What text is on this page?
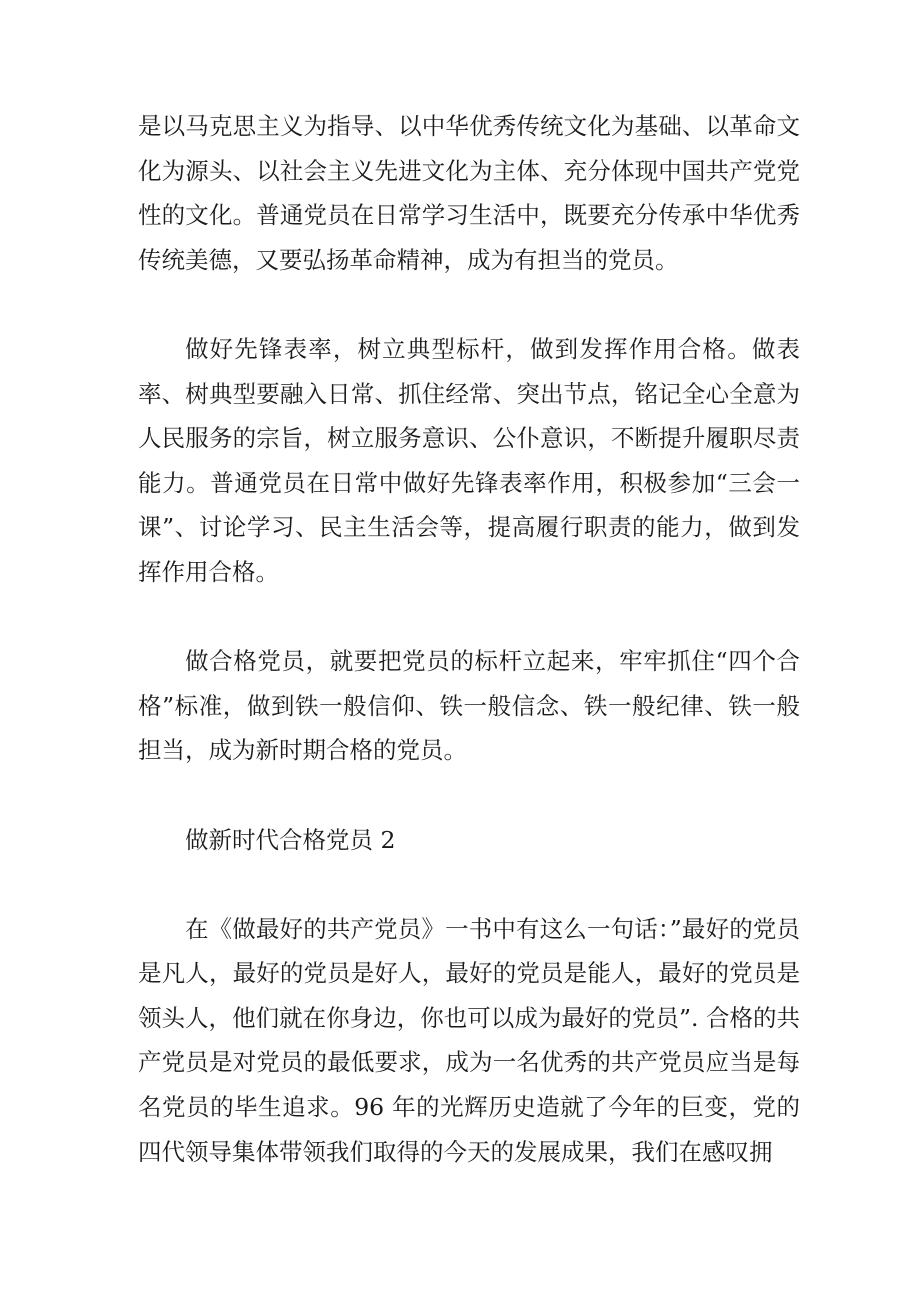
是以马克思主义为指导、以中华优秀传统文化为基础、以革命文化为源头、以社会主义先进文化为主体、充分体现中国共产党党性的文化。普通党员在日常学习生活中，既要充分传承中华优秀传统美德，又要弘扬革命精神，成为有担当的党员。

做好先锋表率，树立典型标杆，做到发挥作用合格。做表率、树典型要融入日常、抓住经常、突出节点，铭记全心全意为人民服务的宗旨，树立服务意识、公仆意识，不断提升履职尽责能力。普通党员在日常中做好先锋表率作用，积极参加“三会一课”、讨论学习、民主生活会等，提高履行职责的能力，做到发挥作用合格。

做合格党员，就要把党员的标杆立起来，牢牢抓住“四个合格”标准，做到铁一般信仰、铁一般信念、铁一般纪律、铁一般担当，成为新时期合格的党员。

做新时代合格党员 2

在《做最好的共产党员》一书中有这么一句话：”最好的党员是凡人，最好的党员是好人，最好的党员是能人，最好的党员是领头人，他们就在你身边，你也可以成为最好的党员”. 合格的共产党员是对党员的最低要求，成为一名优秀的共产党员应当是每名党员的毕生追求。96 年的光辉历史造就了今年的巨变，党的四代领导集体带领我们取得的今天的发展成果，我们在感叹拥
